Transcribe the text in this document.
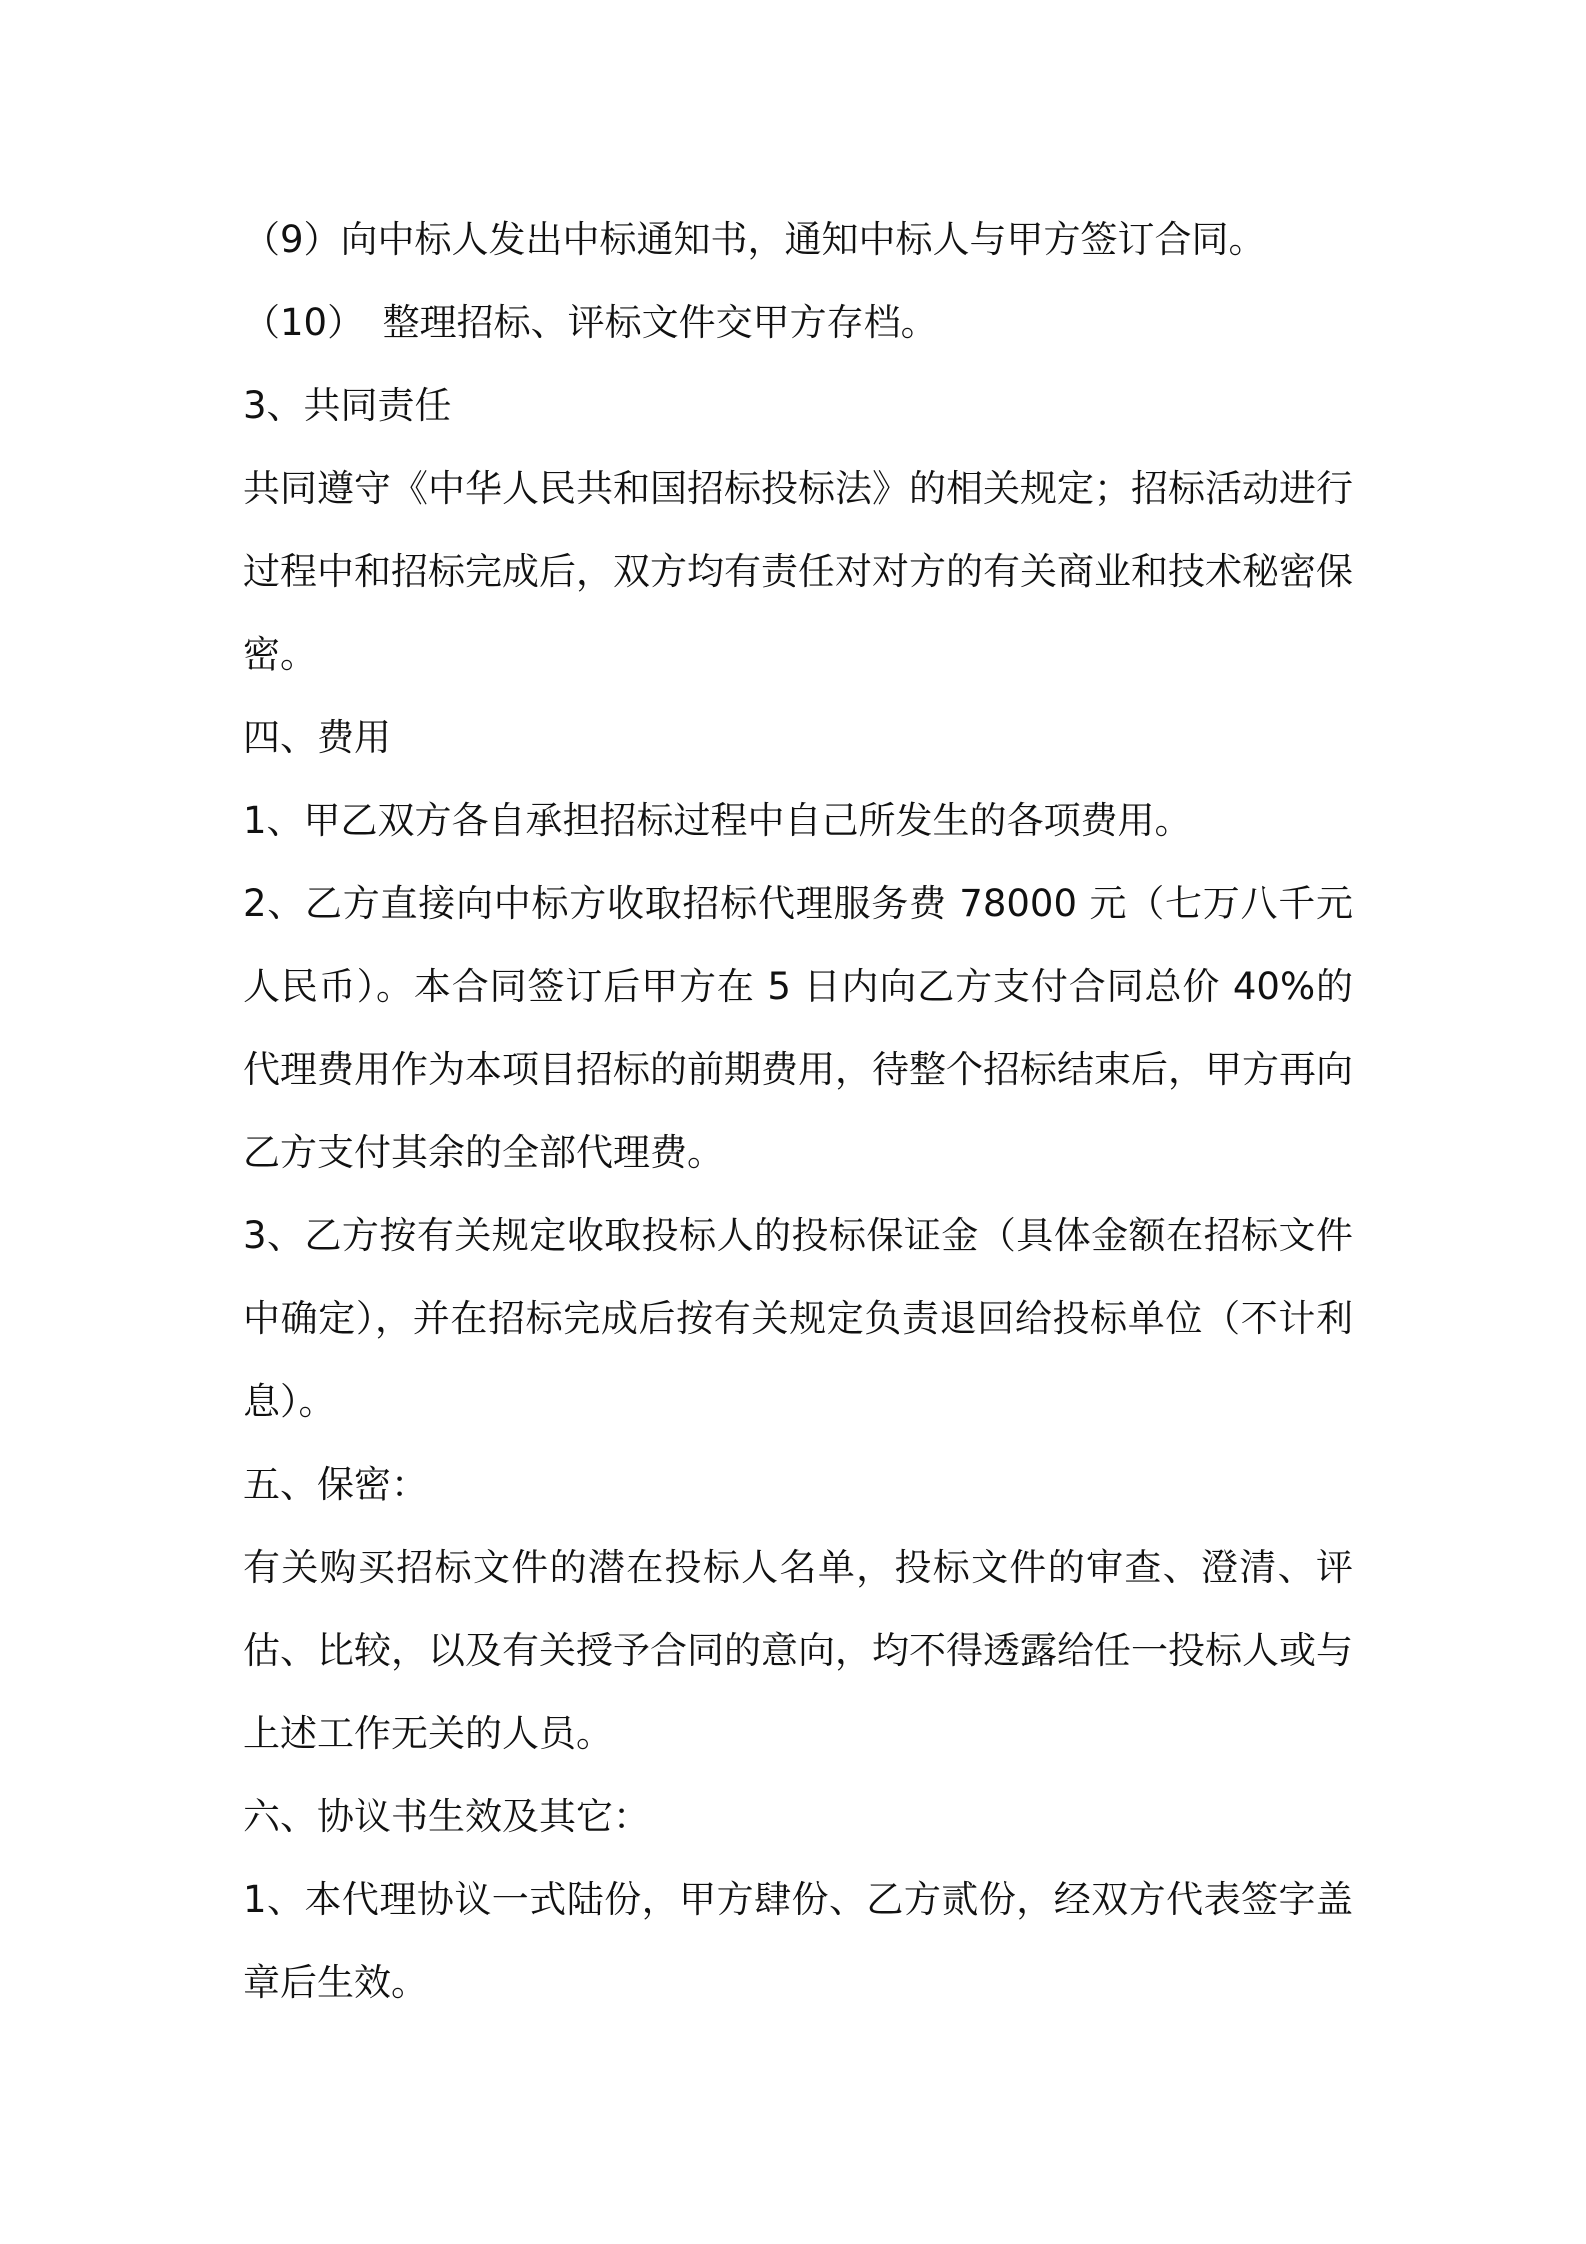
（9）向中标人发出中标通知书，通知中标人与甲方签订合同。

（10）　整理招标、评标文件交甲方存档。

3、共同责任

共同遵守《中华人民共和国招标投标法》的相关规定；招标活动进行过程中和招标完成后，双方均有责任对对方的有关商业和技术秘密保密。

四、费用

1、甲乙双方各自承担招标过程中自己所发生的各项费用。

2、乙方直接向中标方收取招标代理服务费 78000 元（七万八千元人民币）。本合同签订后甲方在 5 日内向乙方支付合同总价 40%的代理费用作为本项目招标的前期费用，待整个招标结束后，甲方再向乙方支付其余的全部代理费。

3、乙方按有关规定收取投标人的投标保证金（具体金额在招标文件中确定），并在招标完成后按有关规定负责退回给投标单位（不计利息）。

五、保密：

有关购买招标文件的潜在投标人名单，投标文件的审查、澄清、评估、比较，以及有关授予合同的意向，均不得透露给任一投标人或与上述工作无关的人员。

六、协议书生效及其它：

1、本代理协议一式陆份，甲方肆份、乙方贰份，经双方代表签字盖章后生效。
